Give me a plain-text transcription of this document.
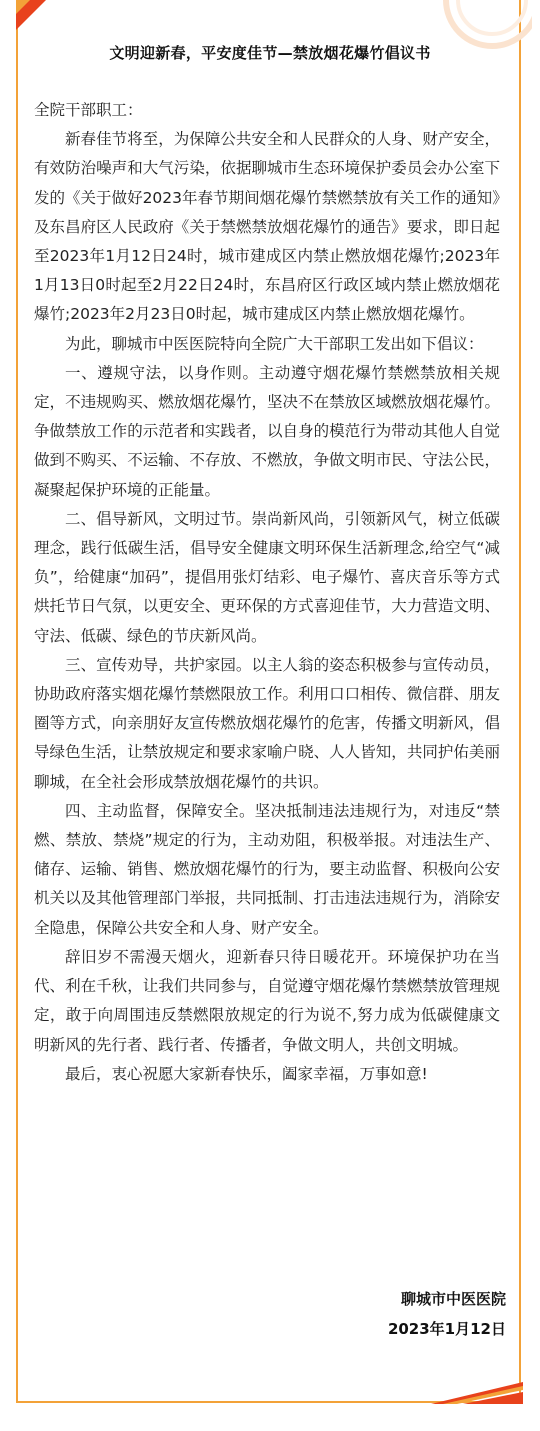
文明迎新春，平安度佳节—禁放烟花爆竹倡议书

全院干部职工：

新春佳节将至，为保障公共安全和人民群众的人身、财产安全，有效防治噪声和大气污染，依据聊城市生态环境保护委员会办公室下发的《关于做好2023年春节期间烟花爆竹禁燃禁放有关工作的通知》及东昌府区人民政府《关于禁燃禁放烟花爆竹的通告》要求，即日起至2023年1月12日24时，城市建成区内禁止燃放烟花爆竹;2023年1月13日0时起至2月22日24时，东昌府区行政区域内禁止燃放烟花爆竹;2023年2月23日0时起，城市建成区内禁止燃放烟花爆竹。

为此，聊城市中医医院特向全院广大干部职工发出如下倡议：

一、遵规守法，以身作则。主动遵守烟花爆竹禁燃禁放相关规定，不违规购买、燃放烟花爆竹，坚决不在禁放区域燃放烟花爆竹。争做禁放工作的示范者和实践者，以自身的模范行为带动其他人自觉做到不购买、不运输、不存放、不燃放，争做文明市民、守法公民，凝聚起保护环境的正能量。

二、倡导新风，文明过节。崇尚新风尚，引领新风气，树立低碳理念，践行低碳生活，倡导安全健康文明环保生活新理念,给空气“减负”，给健康“加码”，提倡用张灯结彩、电子爆竹、喜庆音乐等方式烘托节日气氛，以更安全、更环保的方式喜迎佳节，大力营造文明、守法、低碳、绿色的节庆新风尚。

三、宣传劝导，共护家园。以主人翁的姿态积极参与宣传动员，协助政府落实烟花爆竹禁燃限放工作。利用口口相传、微信群、朋友圈等方式，向亲朋好友宣传燃放烟花爆竹的危害，传播文明新风，倡导绿色生活，让禁放规定和要求家喻户晓、人人皆知，共同护佑美丽聊城，在全社会形成禁放烟花爆竹的共识。

四、主动监督，保障安全。坚决抵制违法违规行为，对违反“禁燃、禁放、禁烧”规定的行为，主动劝阻，积极举报。对违法生产、储存、运输、销售、燃放烟花爆竹的行为，要主动监督、积极向公安机关以及其他管理部门举报，共同抵制、打击违法违规行为，消除安全隐患，保障公共安全和人身、财产安全。

辞旧岁不需漫天烟火，迎新春只待日暖花开。环境保护功在当代、利在千秋，让我们共同参与，自觉遵守烟花爆竹禁燃禁放管理规定，敢于向周围违反禁燃限放规定的行为说不,努力成为低碳健康文明新风的先行者、践行者、传播者，争做文明人，共创文明城。

最后，衷心祝愿大家新春快乐，阖家幸福，万事如意!

聊城市中医医院
2023年1月12日
